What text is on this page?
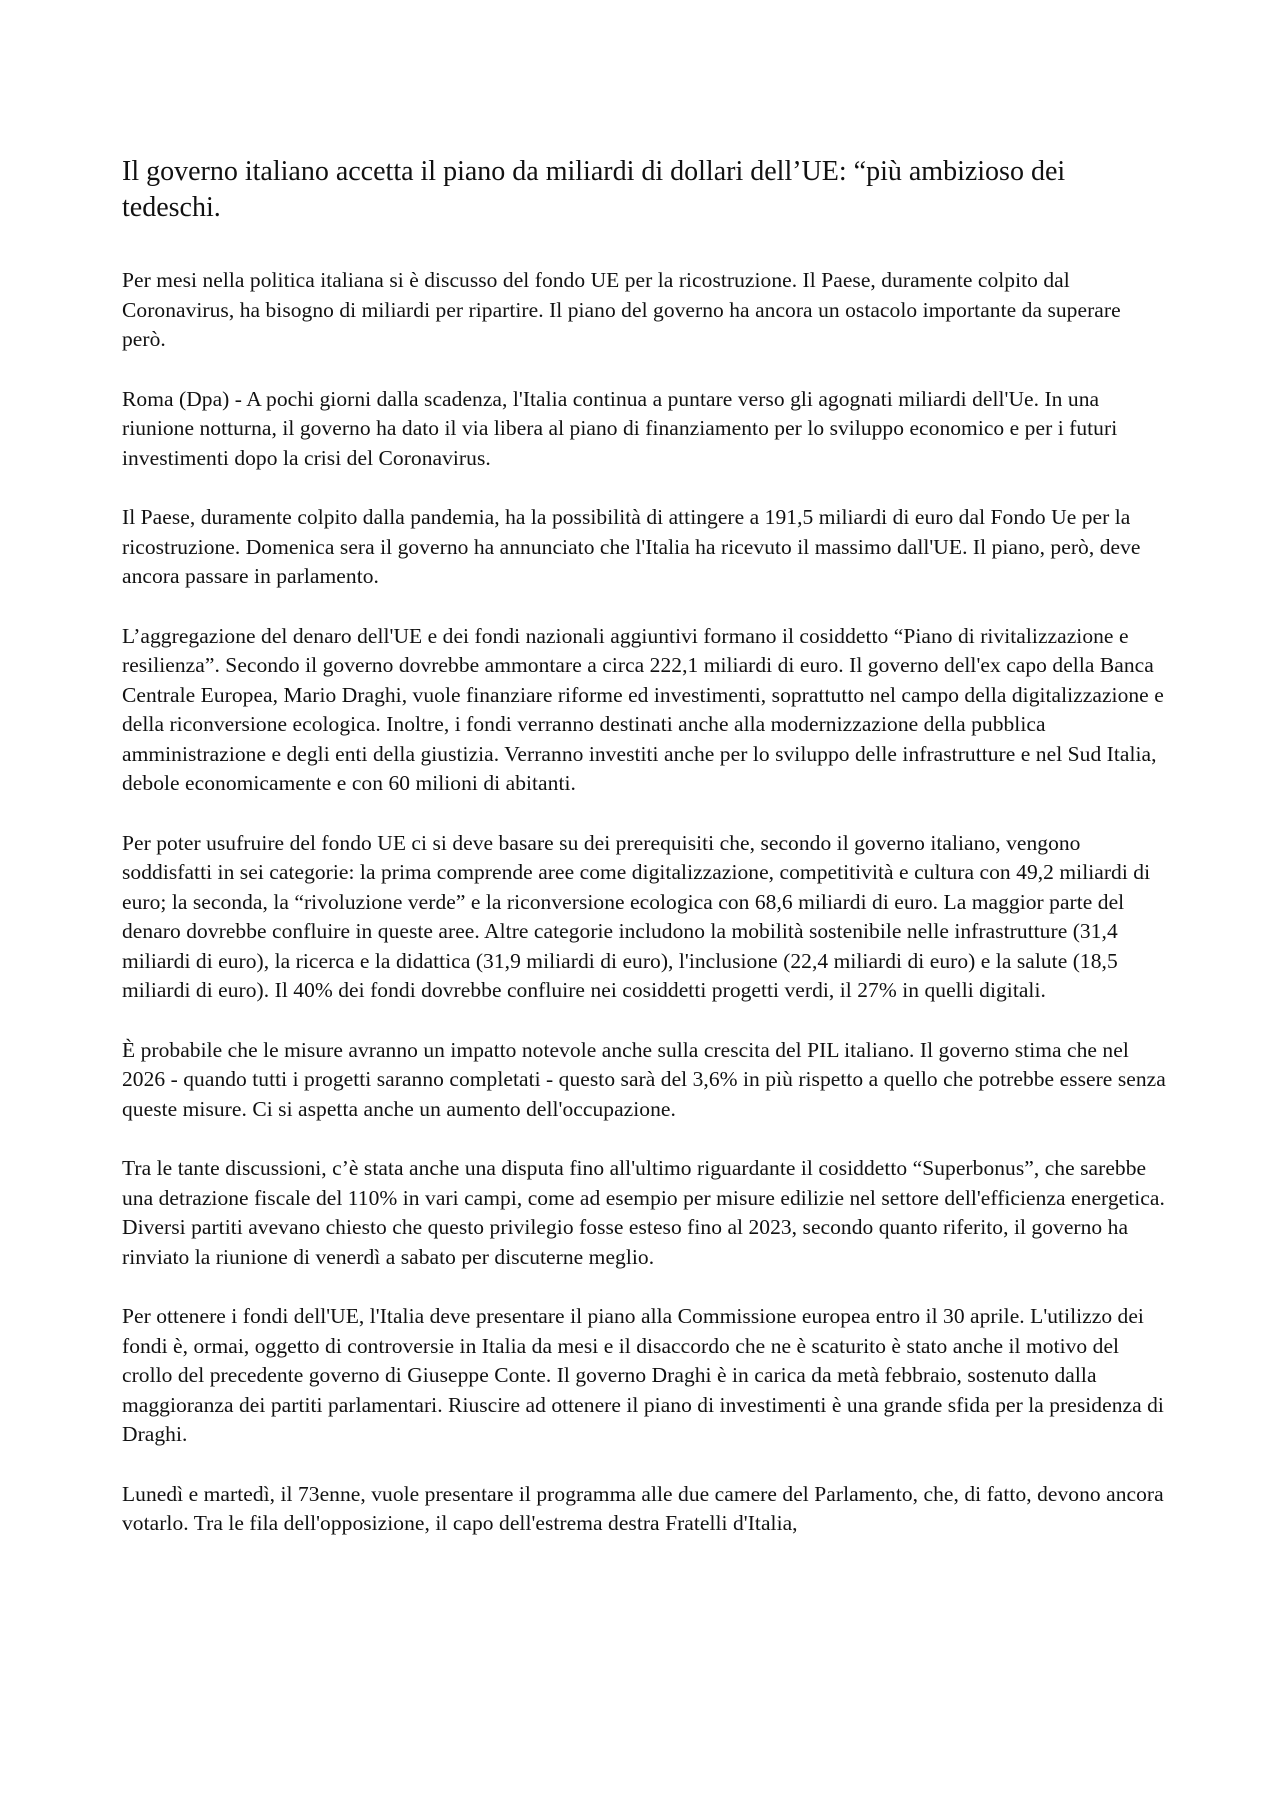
Il governo italiano accetta il piano da miliardi di dollari dell’UE: “più ambizioso dei tedeschi.

Per mesi nella politica italiana si è discusso del fondo UE per la ricostruzione. Il Paese, duramente colpito dal Coronavirus, ha bisogno di miliardi per ripartire. Il piano del governo ha ancora un ostacolo importante da superare però.

Roma (Dpa) - A pochi giorni dalla scadenza, l'Italia continua a puntare verso gli agognati miliardi dell'Ue. In una riunione notturna, il governo ha dato il via libera al piano di finanziamento per lo sviluppo economico e per i futuri investimenti dopo la crisi del Coronavirus.

Il Paese, duramente colpito dalla pandemia, ha la possibilità di attingere a 191,5 miliardi di euro dal Fondo Ue per la ricostruzione. Domenica sera il governo ha annunciato che l'Italia ha ricevuto il massimo dall'UE. Il piano, però, deve ancora passare in parlamento.

L’aggregazione del denaro dell'UE e dei fondi nazionali aggiuntivi formano il cosiddetto “Piano di rivitalizzazione e resilienza”. Secondo il governo dovrebbe ammontare a circa 222,1 miliardi di euro. Il governo dell'ex capo della Banca Centrale Europea, Mario Draghi, vuole finanziare riforme ed investimenti, soprattutto nel campo della digitalizzazione e della riconversione ecologica. Inoltre, i fondi verranno destinati anche alla modernizzazione della pubblica amministrazione e degli enti della giustizia. Verranno investiti anche per lo sviluppo delle infrastrutture e nel Sud Italia, debole economicamente e con 60 milioni di abitanti.

Per poter usufruire del fondo UE ci si deve basare su dei prerequisiti che, secondo il governo italiano, vengono soddisfatti in sei categorie: la prima comprende aree come digitalizzazione, competitività e cultura con 49,2 miliardi di euro; la seconda, la “rivoluzione verde” e la riconversione ecologica con 68,6 miliardi di euro. La maggior parte del denaro dovrebbe confluire in queste aree. Altre categorie includono la mobilità sostenibile nelle infrastrutture (31,4 miliardi di euro), la ricerca e la didattica (31,9 miliardi di euro), l'inclusione (22,4 miliardi di euro) e la salute (18,5 miliardi di euro). Il 40% dei fondi dovrebbe confluire nei cosiddetti progetti verdi, il 27% in quelli digitali.

È probabile che le misure avranno un impatto notevole anche sulla crescita del PIL italiano. Il governo stima che nel 2026 - quando tutti i progetti saranno completati - questo sarà del 3,6% in più rispetto a quello che potrebbe essere senza queste misure. Ci si aspetta anche un aumento dell'occupazione.

Tra le tante discussioni, c’è stata anche una disputa fino all'ultimo riguardante il cosiddetto “Superbonus”, che sarebbe una detrazione fiscale del 110% in vari campi, come ad esempio per misure edilizie nel settore dell'efficienza energetica. Diversi partiti avevano chiesto che questo privilegio fosse esteso fino al 2023, secondo quanto riferito, il governo ha rinviato la riunione di venerdì a sabato per discuterne meglio.

Per ottenere i fondi dell'UE, l'Italia deve presentare il piano alla Commissione europea entro il 30 aprile. L'utilizzo dei fondi è, ormai, oggetto di controversie in Italia da mesi e il disaccordo che ne è scaturito è stato anche il motivo del crollo del precedente governo di Giuseppe Conte. Il governo Draghi è in carica da metà febbraio, sostenuto dalla maggioranza dei partiti parlamentari. Riuscire ad ottenere il piano di investimenti è una grande sfida per la presidenza di Draghi.

Lunedì e martedì, il 73enne, vuole presentare il programma alle due camere del Parlamento, che, di fatto, devono ancora votarlo. Tra le fila dell'opposizione, il capo dell'estrema destra Fratelli d'Italia,
